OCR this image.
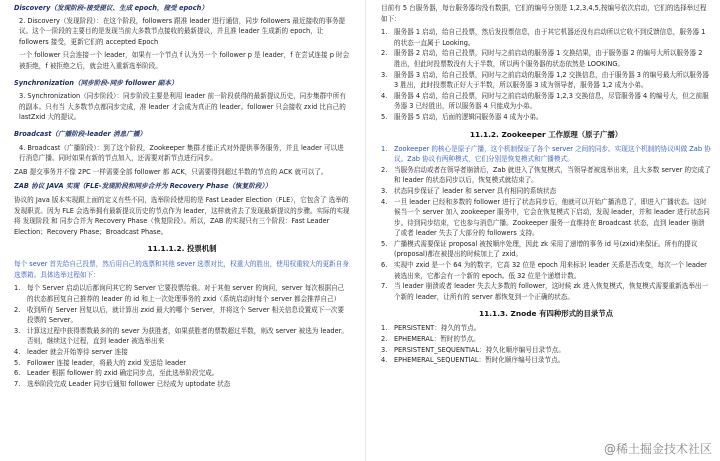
Discovery（发现阶段-接受提议、生成 epoch，接受 epoch）

2. Discovery（发现阶段）：在这个阶段，followers 跟准 leader 进行通信，同步 followers 最近接收的事务提议。这个一阶段的主要目的是发现当前大多数节点接收的最新提议，并且准 leader 生成新的 epoch，让 followers 接受，更新它们的 accepted Epoch

一个 follower 只会连接一个 leader，如果有一个节点 f 认为另一个 follower p 是 leader，f 在尝试连接 p 时会被拒绝，f 被拒绝之后，就会进入重新选举阶段。

Synchronization（同步阶段-同步 follower 副本）

3. Synchronization（同步阶段）：同步阶段主要是利用 leader 前一阶段获得的最新提议历史，同步集群中所有的副本。只有当 大多数节点都同步完成，准 leader 才会成为真正的 leader。follower 只会接收 zxid 比自己的 lastZxid 大的提议。

Broadcast（广播阶段-leader 消息广播）

4. Broadcast（广播阶段）：到了这个阶段，Zookeeper 集群才能正式对外提供事务服务，并且 leader 可以进行消息广播。同时如果有新的节点加入，还需要对新节点进行同步。

ZAB 提交事务并不像 2PC 一样需要全部 follower 都 ACK，只需要得到超过半数的节点的 ACK 就可以了。

ZAB 协议 JAVA 实现（FLE-发现阶段和同步合并为 Recovery Phase（恢复阶段））

协议的 Java 版本实现跟上面的定义有些不同，选举阶段使用的是 Fast Leader Election（FLE），它包含了 选举的发现职责。因为 FLE 会选举拥有最新提议历史的节点作为 leader，这样就省去了发现最新提议的步骤。实际的实现将 发现阶段 和 同步合并为 Recovery Phase（恢复阶段）。所以，ZAB 的实现只有三个阶段：Fast Leader Election；Recovery Phase；Broadcast Phase。

11.1.1.2. 投票机制

每个 sever 首先给自己投票，然后用自己的选票和其他 sever 选票对比，权重大的胜出，使用权重较大的更新自身选票箱。具体选举过程如下：

1. 每个 Server 启动以后都询问其它的 Server 它要投票给谁。对于其他 server 的询问，server 每次根据自己的状态都回复自己推荐的 leader 的 id 和上一次处理事务的 zxid（系统启动时每个 server 都会推荐自己）
2. 收到所有 Server 回复以后，就计算出 zxid 最大的哪个 Server，并将这个 Server 相关信息设置成下一次要投票的 Server。
3. 计算这过程中获得票数最多的的 sever 为获胜者，如果获胜者的票数超过半数，则改 server 被选为 leader。否则，继续这个过程，直到 leader 被选举出来
4. leader 就会开始等待 server 连接
5. Follower 连接 leader，将最大的 zxid 发送给 leader
6. Leader 根据 follower 的 zxid 确定同步点，至此选举阶段完成。
7. 选举阶段完成 Leader 同步后通知 follower 已经成为 uptodate 状态

目前有 5 台服务器，每台服务器均没有数据，它们的编号分别是 1,2,3,4,5,按编号依次启动，它们的选择举过程如下：

1. 服务器 1 启动，给自己投票，然后发投票信息，由于其它机器还没有启动所以它收不到反馈信息，服务器 1 的状态一直属于 Looking。
2. 服务器 2 启动，给自己投票，同时与之前启动的服务器 1 交换结果，由于服务器 2 的编号大所以服务器 2 胜出，但此时投票数没有大于半数，所以两个服务器的状态依然是 LOOKING。
3. 服务器 3 启动，给自己投票，同时与之前启动的服务器 1,2 交换信息，由于服务器 3 的编号最大所以服务器 3 胜出，此时投票数正好大于半数，所以服务器 3 成为领导者，服务器 1,2 成为小弟。
4. 服务器 4 启动，给自己投票，同时与之前启动的服务器 1,2,3 交换信息，尽管服务器 4 的编号大，但之前服务器 3 已经胜出，所以服务器 4 只能成为小弟。
5. 服务器 5 启动，后面的逻辑同服务器 4 成为小弟。

11.1.2. Zookeeper 工作原理（原子广播）

1. Zookeeper 的核心是原子广播，这个机制保证了各个 server 之间的同步。实现这个机制的协议叫做 Zab 协议。Zab 协议有两种模式，它们分别是恢复模式和广播模式。
2. 当服务启动或者在领导者崩溃后，Zab 就进入了恢复模式，当领导者被选举出来，且大多数 server 的完成了和 leader 的状态同步以后，恢复模式就结束了。
3. 状态同步保证了 leader 和 server 具有相同的系统状态
4. 一旦 leader 已经和多数的 follower 进行了状态同步后，他就可以开始广播消息了，即进入广播状态。这时候当一个 server 加入 zookeeper 服务中，它会在恢复模式下启动，发现 leader，并和 leader 进行状态同步。待到同步结束，它也参与消息广播。Zookeeper 服务一直维持在 Broadcast 状态，直到 leader 崩溃了或者 leader 失去了大部分的 followers 支持。
5. 广播模式需要保证 proposal 被按顺序处理，因此 zk 采用了递增的事务 id 号(zxid)来保证。所有的提议(proposal)都在被提出的时候加上了 zxid。
6. 实现中 zxid 是一个 64 为的数字，它高 32 位是 epoch 用来标识 leader 关系是否改变，每次一个 leader 被选出来，它都会有一个新的 epoch。低 32 位是个递增计数。
7. 当 leader 崩溃或者 leader 失去大多数的 follower，这时候 zk 进入恢复模式，恢复模式需要重新选举出一个新的 leader，让所有的 server 都恢复到一个正确的状态。

11.1.3. Znode 有四种形式的目录节点

1. PERSISTENT：持久的节点。
2. EPHEMERAL：暂时的节点。
3. PERSISTENT_SEQUENTIAL：持久化顺序编号目录节点。
4. EPHEMERAL_SEQUENTIAL：暂时化顺序编号目录节点。
@稀土掘金技术社区
